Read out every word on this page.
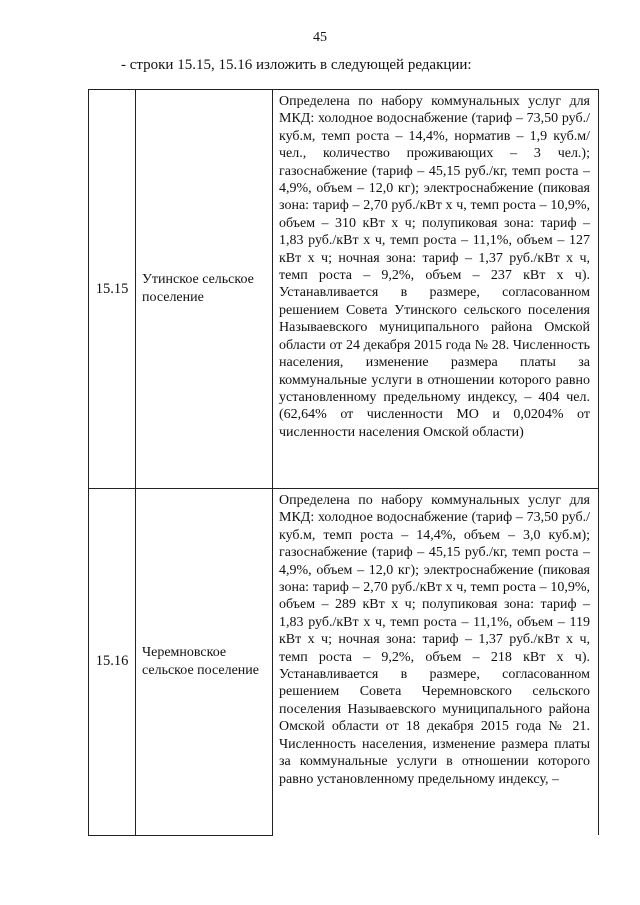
45
- строки 15.15, 15.16 изложить в следующей редакции:
15.15	Утинское сельское поселение	Определена по набору коммунальных услуг для МКД: холодное водоснабжение (тариф – 73,50 руб./куб.м, темп роста – 14,4%, норматив – 1,9 куб.м/чел., количество проживающих – 3 чел.); газоснабжение (тариф – 45,15 руб./кг, темп роста – 4,9%, объем – 12,0 кг); электроснабжение (пиковая зона: тариф – 2,70 руб./кВт х ч, темп роста – 10,9%, объем – 310 кВт х ч; полупиковая зона: тариф – 1,83 руб./кВт х ч, темп роста – 11,1%, объем – 127 кВт х ч; ночная зона: тариф – 1,37 руб./кВт х ч, темп роста – 9,2%, объем – 237 кВт х ч). Устанавливается в размере, согласованном решением Совета Утинского сельского поселения Называевского муниципального района Омской области от 24 декабря 2015 года № 28. Численность населения, изменение размера платы за коммунальные услуги в отношении которого равно установленному предельному индексу, – 404 чел. (62,64% от численности МО и 0,0204% от численности населения Омской области)
15.16	Черемновское сельское поселение	Определена по набору коммунальных услуг для МКД: холодное водоснабжение (тариф – 73,50 руб./куб.м, темп роста – 14,4%, объем – 3,0 куб.м); газоснабжение (тариф – 45,15 руб./кг, темп роста – 4,9%, объем – 12,0 кг); электроснабжение (пиковая зона: тариф – 2,70 руб./кВт х ч, темп роста – 10,9%, объем – 289 кВт х ч; полупиковая зона: тариф – 1,83 руб./кВт х ч, темп роста – 11,1%, объем – 119 кВт х ч; ночная зона: тариф – 1,37 руб./кВт х ч, темп роста – 9,2%, объем – 218 кВт х ч). Устанавливается в размере, согласованном решением Совета Черемновского сельского поселения Называевского муниципального района Омской области от 18 декабря 2015 года № 21. Численность населения, изменение размера платы за коммунальные услуги в отношении которого равно установленному предельному индексу, –
